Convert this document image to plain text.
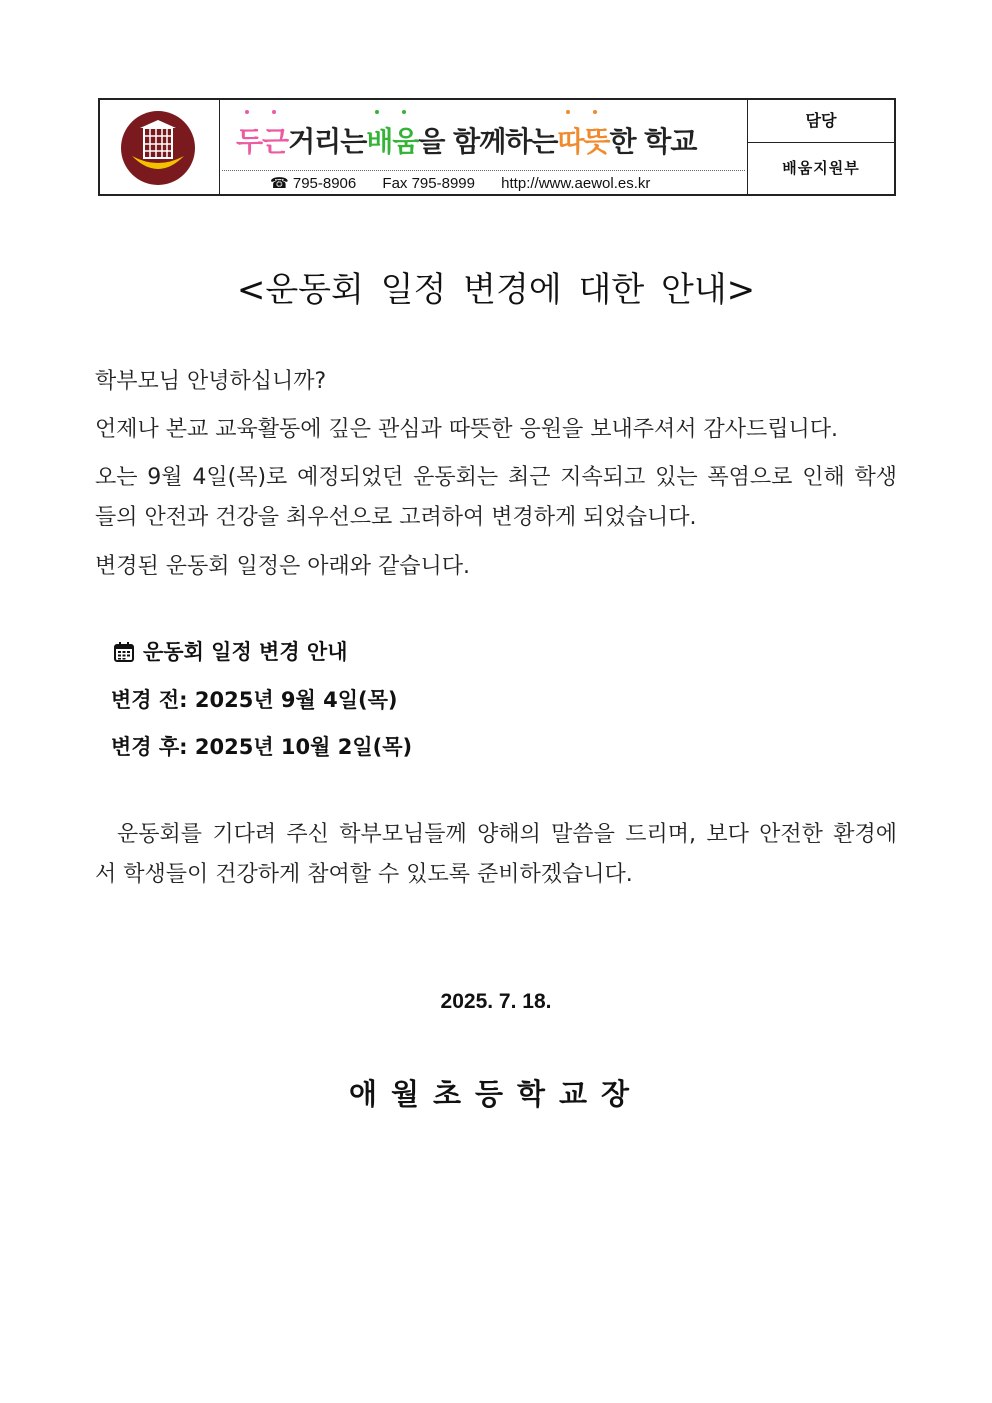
두근
거리는배움
을 함께하는따뜻
한 학교
☎ 795-8906 Fax 795-8999 http://www.aewol.es.kr
담당
배움지원부
<운동회 일정 변경에 대한 안내>
학부모님 안녕하십니까?
언제나 본교 교육활동에 깊은 관심과 따뜻한 응원을 보내주셔서 감사드립니다.
오는 9월 4일(목)로 예정되었던 운동회는 최근 지속되고 있는 폭염으로 인해 학생
들의 안전과 건강을 최우선으로 고려하여 변경하게 되었습니다.
변경된 운동회 일정은 아래와 같습니다.
운동회 일정 변경 안내
변경 전: 2025년 9월 4일(목)
변경 후: 2025년 10월 2일(목)
운동회를 기다려 주신 학부모님들께 양해의 말씀을 드리며, 보다 안전한 환경에
서 학생들이 건강하게 참여할 수 있도록 준비하겠습니다.
2025. 7. 18.
애월초등학교장
